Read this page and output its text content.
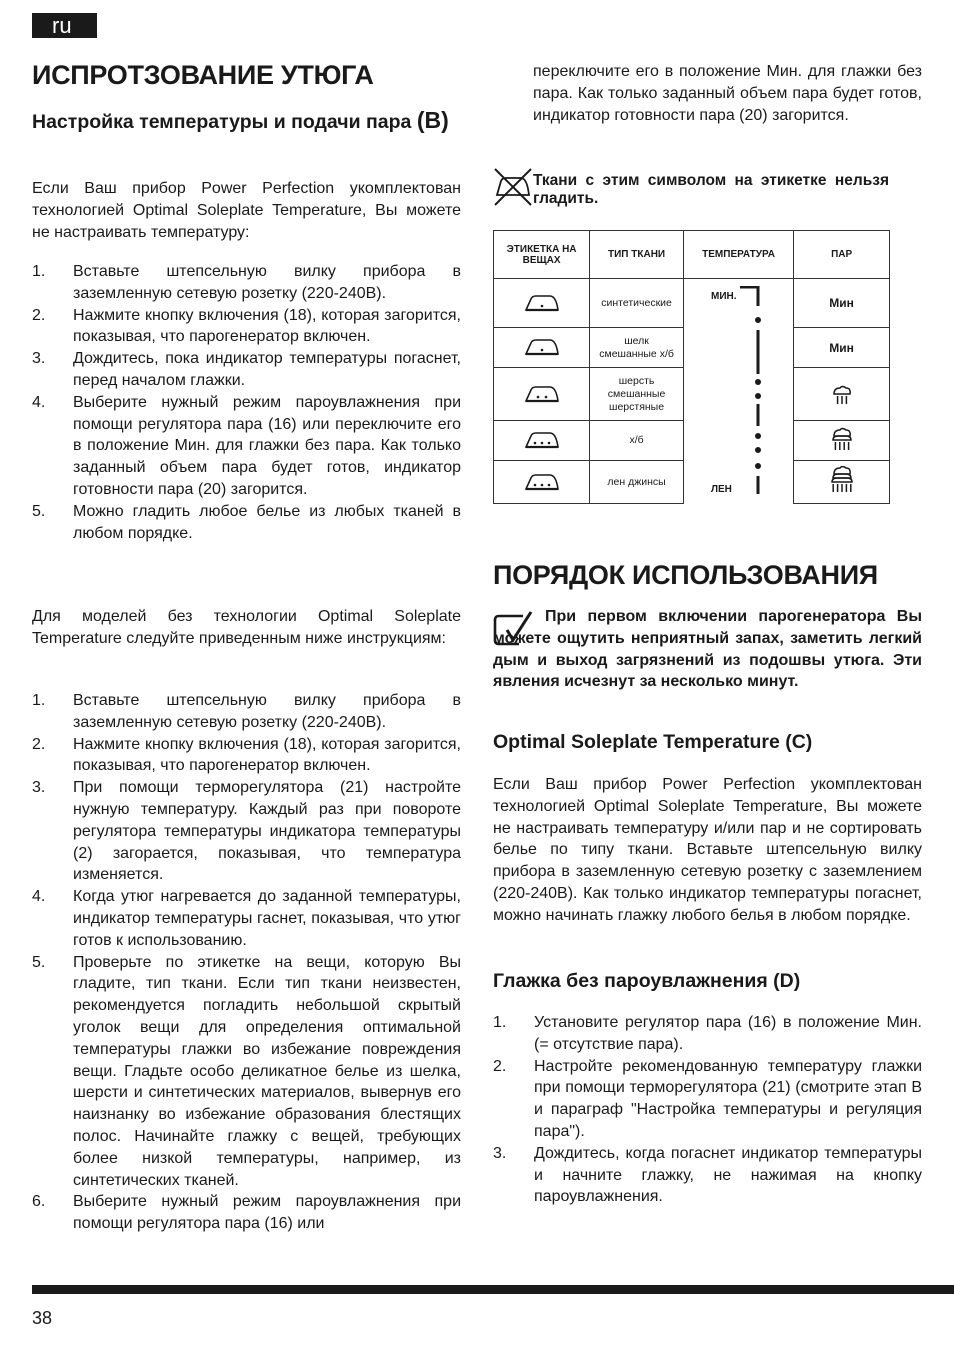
ru
ИСПРОТЗОВАНИЕ УТЮГА
Настройка температуры и подачи пара (B)

Если Ваш прибор Power Perfection укомплектован технологией Optimal Soleplate Temperature, Вы можете не настраивать температуру:

1. Вставьте штепсельную вилку прибора в заземленную сетевую розетку (220-240В).
2. Нажмите кнопку включения (18), которая загорится, показывая, что парогенератор включен.
3. Дождитесь, пока индикатор температуры погаснет, перед началом глажки.
4. Выберите нужный режим пароувлажнения при помощи регулятора пара (16) или переключите его в положение Мин. для глажки без пара. Как только заданный объем пара будет готов, индикатор готовности пара (20) загорится.
5. Можно гладить любое белье из любых тканей в любом порядке.

Для моделей без технологии Optimal Soleplate Temperature следуйте приведенным ниже инструкциям:

1. Вставьте штепсельную вилку прибора в заземленную сетевую розетку (220-240В).
2. Нажмите кнопку включения (18), которая загорится, показывая, что парогенератор включен.
3. При помощи терморегулятора (21) настройте нужную температуру. Каждый раз при повороте регулятора температуры индикатора температуры (2) загорается, показывая, что температура изменяется.
4. Когда утюг нагревается до заданной температуры, индикатор температуры гаснет, показывая, что утюг готов к использованию.
5. Проверьте по этикетке на вещи, которую Вы гладите, тип ткани. Если тип ткани неизвестен, рекомендуется погладить небольшой скрытый уголок вещи для определения оптимальной температуры глажки во избежание повреждения вещи. Гладьте особо деликатное белье из шелка, шерсти и синтетических материалов, вывернув его наизнанку во избежание образования блестящих полос. Начинайте глажку с вещей, требующих более низкой температуры, например, из синтетических тканей.
6. Выберите нужный режим пароувлажнения при помощи регулятора пара (16) или

переключите его в положение Мин. для глажки без пара. Как только заданный объем пара будет готов, индикатор готовности пара (20) загорится.

Ткани с этим символом на этикетке нельзя гладить.

ЭТИКЕТКА НА ВЕЩАХ	ТИП ТКАНИ	ТЕМПЕРАТУРА	ПАР
	синтетические		Мин
	шелк смешанные х/б		Мин
	шерсть смешанные шерстяные		
	х/б		
	лен джинсы		
МИН.
ЛЕН
ПОРЯДОК ИСПОЛЬЗОВАНИЯ

При первом включении парогенератора Вы можете ощутить неприятный запах, заметить легкий дым и выход загрязнений из подошвы утюга. Эти явления исчезнут за несколько минут.

Optimal Soleplate Temperature (C)

Если Ваш прибор Power Perfection укомплектован технологией Optimal Soleplate Temperature, Вы можете не настраивать температуру и/или пар и не сортировать белье по типу ткани. Вставьте штепсельную вилку прибора в заземленную сетевую розетку с заземлением (220-240В). Как только индикатор температуры погаснет, можно начинать глажку любого белья в любом порядке.

Глажка без пароувлажнения (D)
1. Установите регулятор пара (16) в положение Мин. (= отсутствие пара).
2. Настройте рекомендованную температуру глажки при помощи терморегулятора (21) (смотрите этап B и параграф "Настройка температуры и регуляция пара").
3. Дождитесь, когда погаснет индикатор температуры и начните глажку, не нажимая на кнопку пароувлажнения.
38
